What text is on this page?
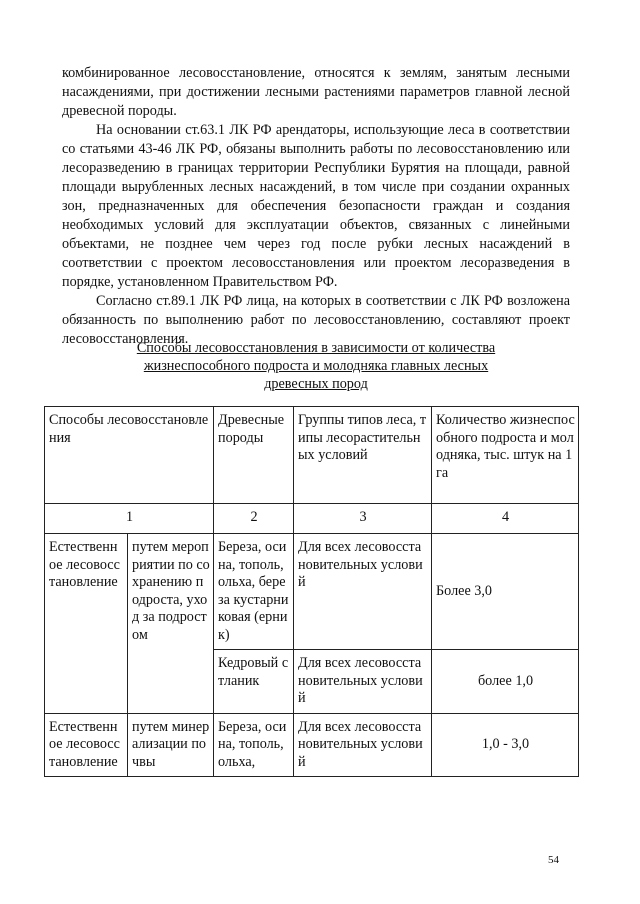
комбинированное лесовосстановление, относятся к землям, занятым лесными насаждениями, при достижении лесными растениями параметров главной лесной древесной породы.

На основании ст.63.1 ЛК РФ арендаторы, использующие леса в соответствии со статьями 43-46 ЛК РФ, обязаны выполнить работы по лесовосстановлению или лесоразведению в границах территории Республики Бурятия на площади, равной площади вырубленных лесных насаждений, в том числе при создании охранных зон, предназначенных для обеспечения безопасности граждан и создания необходимых условий для эксплуатации объектов, связанных с линейными объектами, не позднее чем через год после рубки лесных насаждений в соответствии с проектом лесовосстановления или проектом лесоразведения в порядке, установленном Правительством РФ.

Согласно ст.89.1 ЛК РФ лица, на которых в соответствии с ЛК РФ возложена обязанность по выполнению работ по лесовосстановлению, составляют проект лесовосстановления.

Способы лесовосстановления в зависимости от количества
жизнеспособного подроста и молодняка главных лесных
древесных пород
Способы лесовосстановления		Древесные породы	Группы типов леса, типы лесорастительных условий	Количество жизнеспособного подроста и молодняка, тыс. штук на 1 га
1		2	3	4
Естественное лесовосстановление	путем мероприятии по сохранению подроста, уход за подростом	Береза, осина, тополь, ольха, береза кустарниковая (ерник)	Для всех лесовосстановительных условий	Более 3,0
		Кедровый стланик	Для всех лесовосстановительных условий	более 1,0
Естественное лесовосстановление	путем минерализации почвы	Береза, осина, тополь, ольха,	Для всех лесовосстановительных условий	1,0 - 3,0
54
